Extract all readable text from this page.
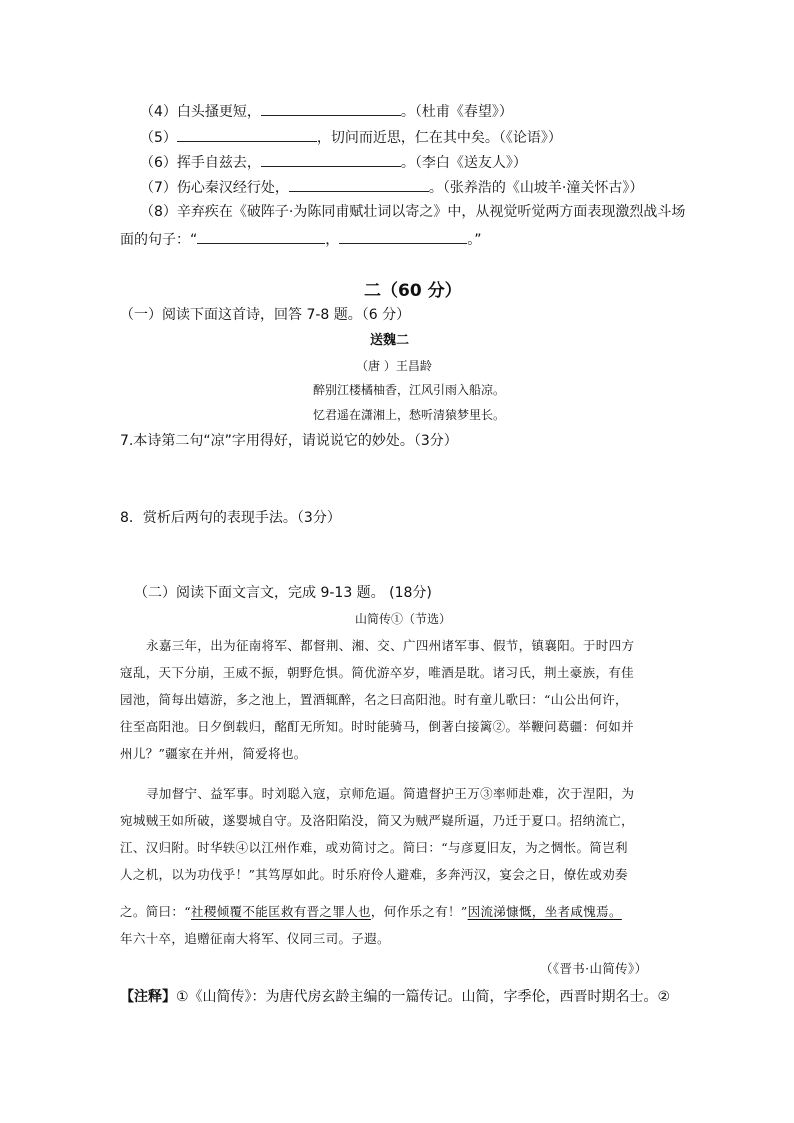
（4）白头搔更短，	。（杜甫《春望》）
（5）	，切问而近思，仁在其中矣。（《论语》）
（6）挥手自兹去，	。（李白《送友人》）
（7）伤心秦汉经行处，	。（张养浩的《山坡羊·潼关怀古》）
（8）辛弃疾在《破阵子·为陈同甫赋壮词以寄之》中，从视觉听觉两方面表现激烈战斗场
面的句子：“	，	。”
二（60 分）
（一）阅读下面这首诗，回答 7-8 题。（6 分）
送魏二
（唐 ）王昌龄
醉别江楼橘柚香，江风引雨入船凉。
忆君遥在潇湘上，愁听清猿梦里长。
7.本诗第二句“凉”字用得好，请说说它的妙处。（3分）
8．赏析后两句的表现手法。（3分）
（二）阅读下面文言文，完成 9-13 题。 (18分)
山简传①（节选）
永嘉三年，出为征南将军、都督荆、湘、交、广四州诸军事、假节，镇襄阳。于时四方
寇乱，天下分崩，王威不振，朝野危惧。简优游卒岁，唯酒是耽。诸习氏，荆土豪族，有佳
园池，简每出嬉游，多之池上，置酒辄醉，名之曰高阳池。时有童儿歌曰：“山公出何许，
往至高阳池。日夕倒载归，酩酊无所知。时时能骑马，倒著白接篱②。举鞭问葛疆：何如并
州儿？”疆家在并州，简爱将也。
寻加督宁、益军事。时刘聪入寇，京师危逼。简遣督护王万③率师赴难，次于涅阳，为
宛城贼王如所破，遂婴城自守。及洛阳陷没，简又为贼严嶷所逼，乃迁于夏口。招纳流亡，
江、汉归附。时华轶④以江州作难，或劝简讨之。简曰：“与彦夏旧友，为之惆怅。简岂利
人之机，以为功伐乎！”其笃厚如此。时乐府伶人避难，多奔沔汉，宴会之日，僚佐或劝奏
之。简曰：“社稷倾覆不能匡救有晋之罪人也，何作乐之有！”因流涕慷慨，坐者咸愧焉。
年六十卒，追赠征南大将军、仪同三司。子遐。
（《晋书·山简传》）
【注释】①《山简传》：为唐代房玄龄主编的一篇传记。山简，字季伦，西晋时期名士。②
